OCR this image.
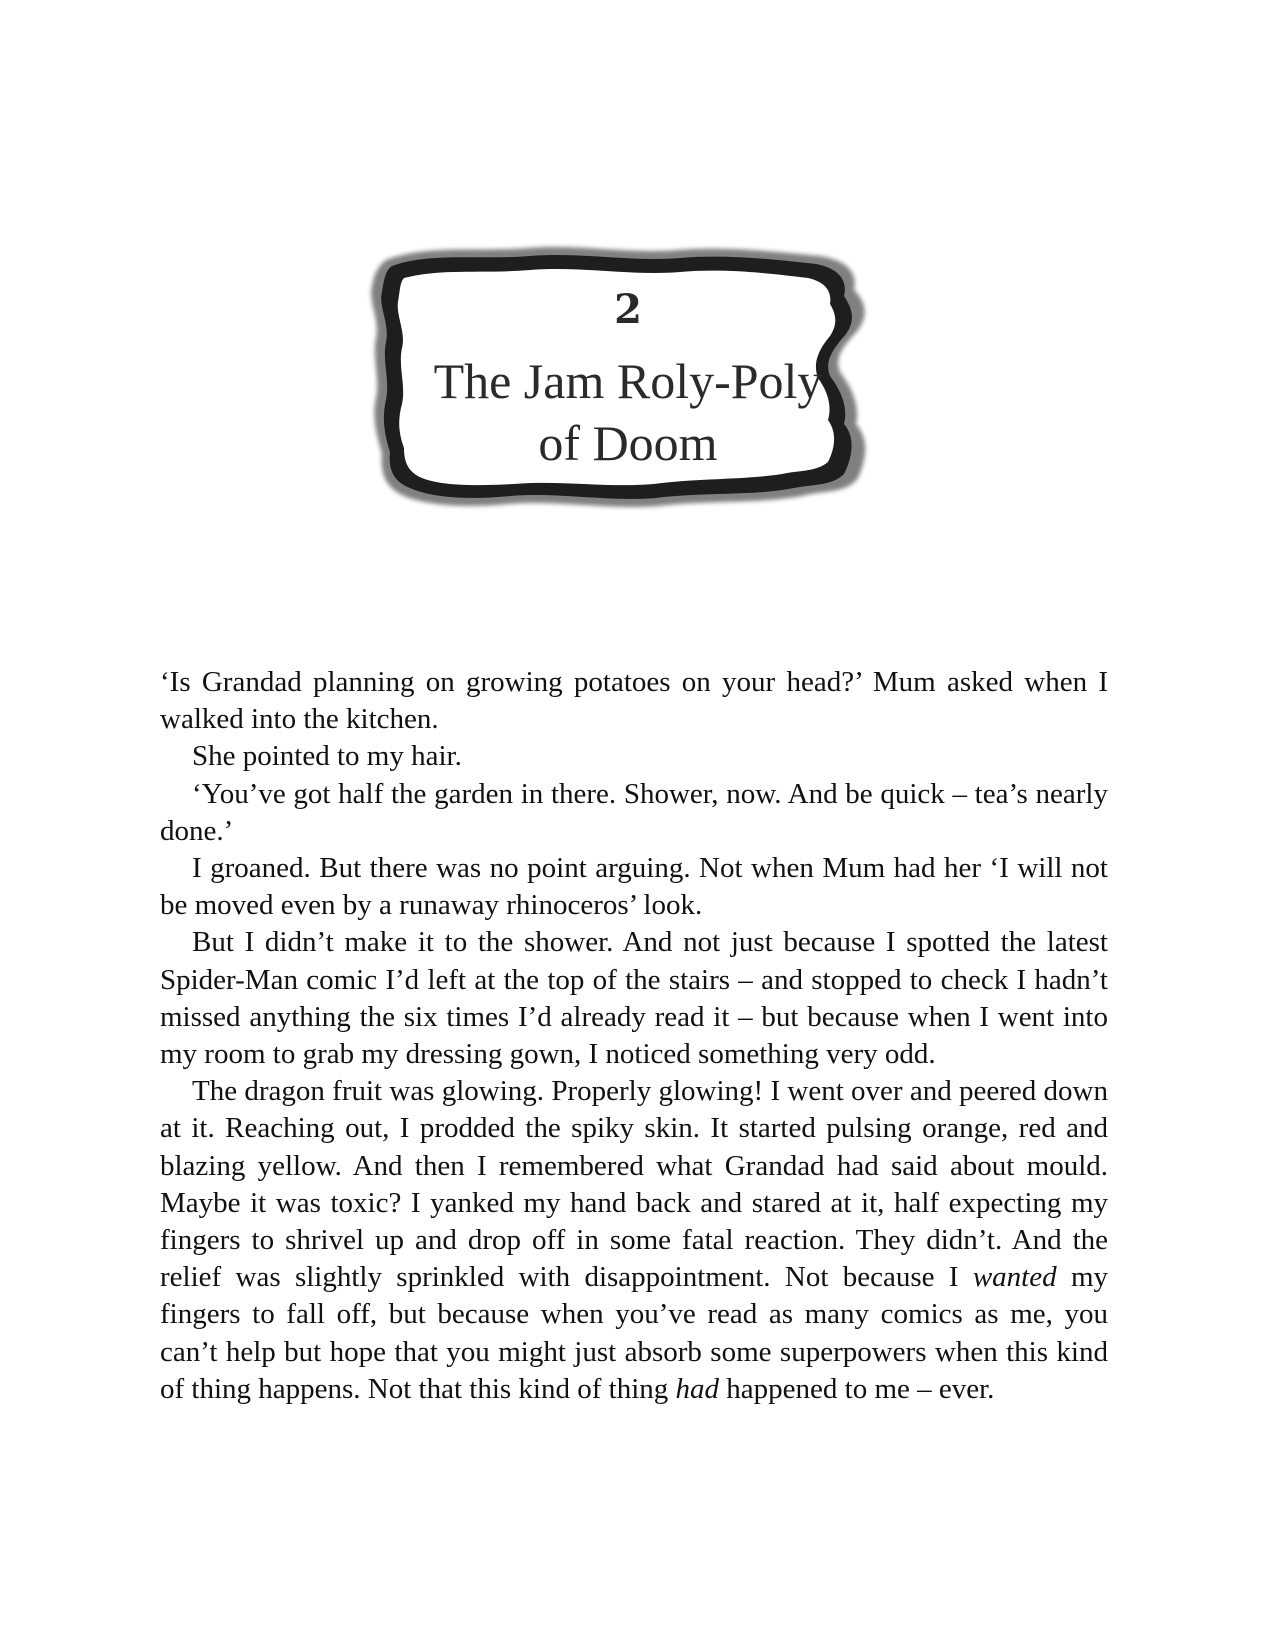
2
The Jam Roly-Poly
of Doom

‘Is Grandad planning on growing potatoes on your head?’ Mum asked when I walked into the kitchen.

She pointed to my hair.

‘You’ve got half the garden in there. Shower, now. And be quick – tea’s nearly done.’

I groaned. But there was no point arguing. Not when Mum had her ‘I will not be moved even by a runaway rhinoceros’ look.

But I didn’t make it to the shower. And not just because I spotted the latest Spider-Man comic I’d left at the top of the stairs – and stopped to check I hadn’t missed anything the six times I’d already read it – but because when I went into my room to grab my dressing gown, I noticed something very odd.

The dragon fruit was glowing. Properly glowing! I went over and peered down at it. Reaching out, I prodded the spiky skin. It started pulsing orange, red and blazing yellow. And then I remembered what Grandad had said about mould. Maybe it was toxic? I yanked my hand back and stared at it, half expecting my fingers to shrivel up and drop off in some fatal reaction. They didn’t. And the relief was slightly sprinkled with disappointment. Not because I wanted my fingers to fall off, but because when you’ve read as many comics as me, you can’t help but hope that you might just absorb some superpowers when this kind of thing happens. Not that this kind of thing had happened to me – ever.
